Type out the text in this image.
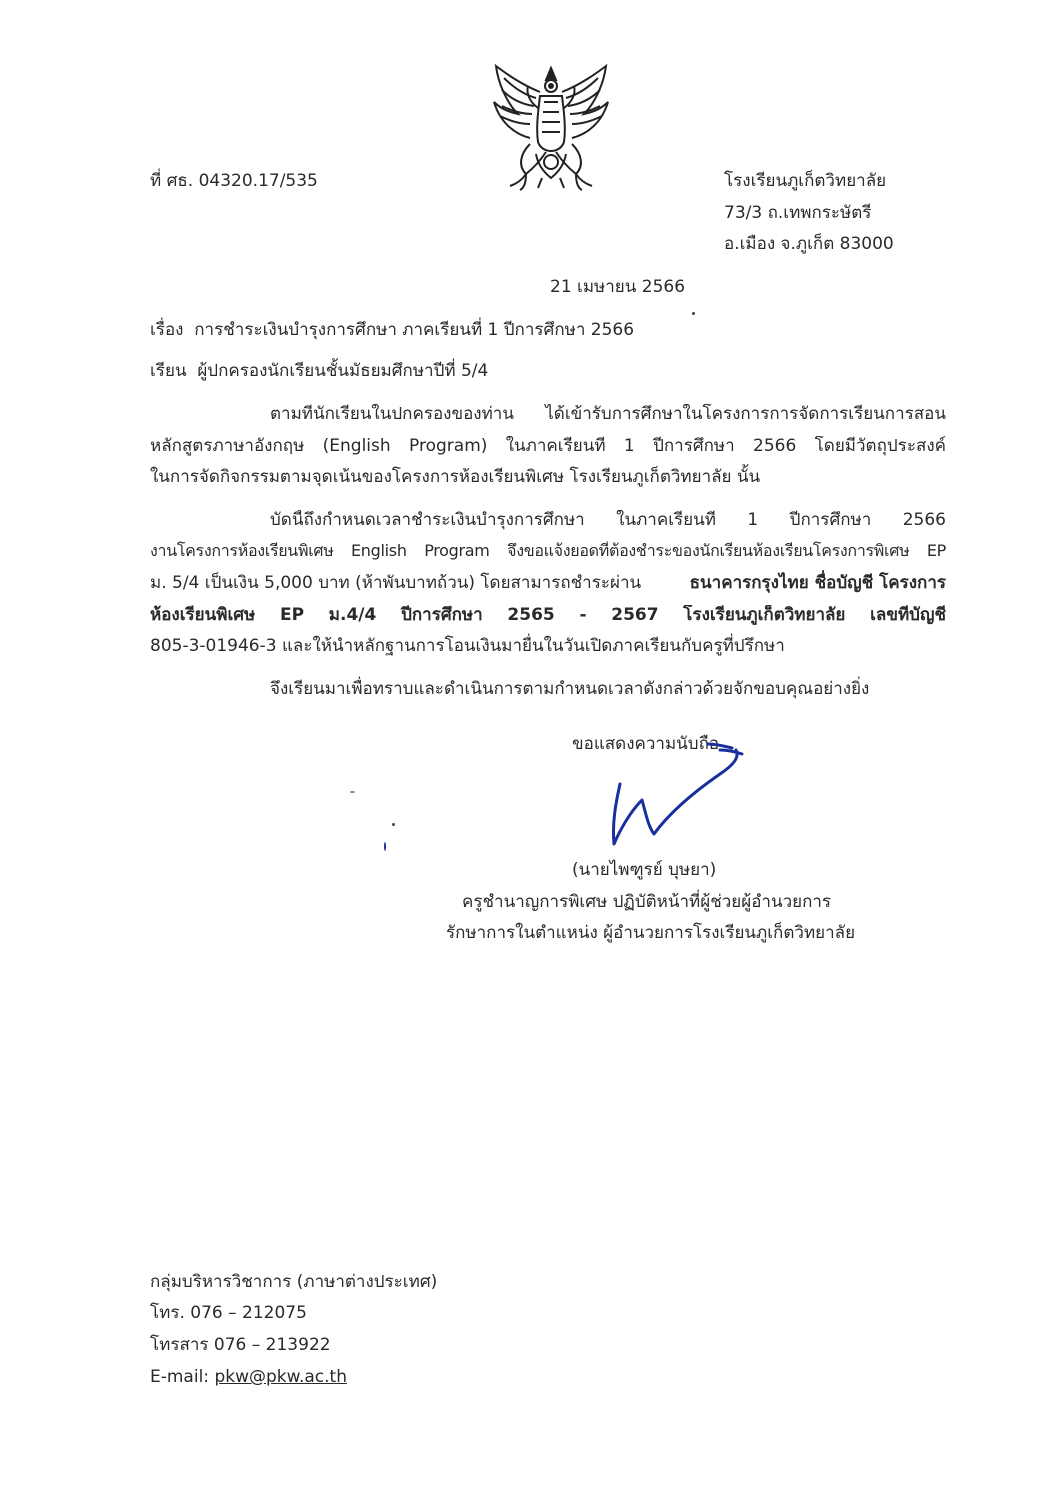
ที่ ศธ. 04320.17/535	โรงเรียนภูเก็ตวิทยาลัย
73/3 ถ.เทพกระษัตรี
อ.เมือง จ.ภูเก็ต 83000
21 เมษายน 2566
เรื่อง การชำระเงินบำรุงการศึกษา ภาคเรียนที่ 1 ปีการศึกษา 2566
เรียน ผู้ปกครองนักเรียนชั้นมัธยมศึกษาปีที่ 5/4
ตามที่นักเรียนในปกครองของท่าน ได้เข้ารับการศึกษาในโครงการการจัดการเรียนการสอน
หลักสูตรภาษาอังกฤษ (English Program) ในภาคเรียนที่ 1 ปีการศึกษา 2566 โดยมีวัตถุประสงค์
ในการจัดกิจกรรมตามจุดเน้นของโครงการห้องเรียนพิเศษ โรงเรียนภูเก็ตวิทยาลัย นั้น
บัดนี้ถึงกำหนดเวลาชำระเงินบำรุงการศึกษา ในภาคเรียนที่ 1 ปีการศึกษา 2566
งานโครงการห้องเรียนพิเศษ English Program จึงขอแจ้งยอดที่ต้องชำระของนักเรียนห้องเรียนโครงการพิเศษ EP
ม. 5/4 เป็นเงิน 5,000 บาท (ห้าพันบาทถ้วน) โดยสามารถชำระผ่าน	ธนาคารกรุงไทย ชื่อบัญชี โครงการ
ห้องเรียนพิเศษ EP ม.4/4 ปีการศึกษา 2565 - 2567 โรงเรียนภูเก็ตวิทยาลัย เลขที่บัญชี
805-3-01946-3 และให้นำหลักฐานการโอนเงินมายื่นในวันเปิดภาคเรียนกับครูที่ปรึกษา
จึงเรียนมาเพื่อทราบและดำเนินการตามกำหนดเวลาดังกล่าวด้วยจักขอบคุณอย่างยิ่ง
ขอแสดงความนับถือ
(นายไพฑูรย์ บุษยา)
ครูชำนาญการพิเศษ ปฏิบัติหน้าที่ผู้ช่วยผู้อำนวยการ
รักษาการในตำแหน่ง ผู้อำนวยการโรงเรียนภูเก็ตวิทยาลัย
กลุ่มบริหารวิชาการ (ภาษาต่างประเทศ)
โทร. 076 – 212075
โทรสาร 076 – 213922
E-mail: pkw@pkw.ac.th
